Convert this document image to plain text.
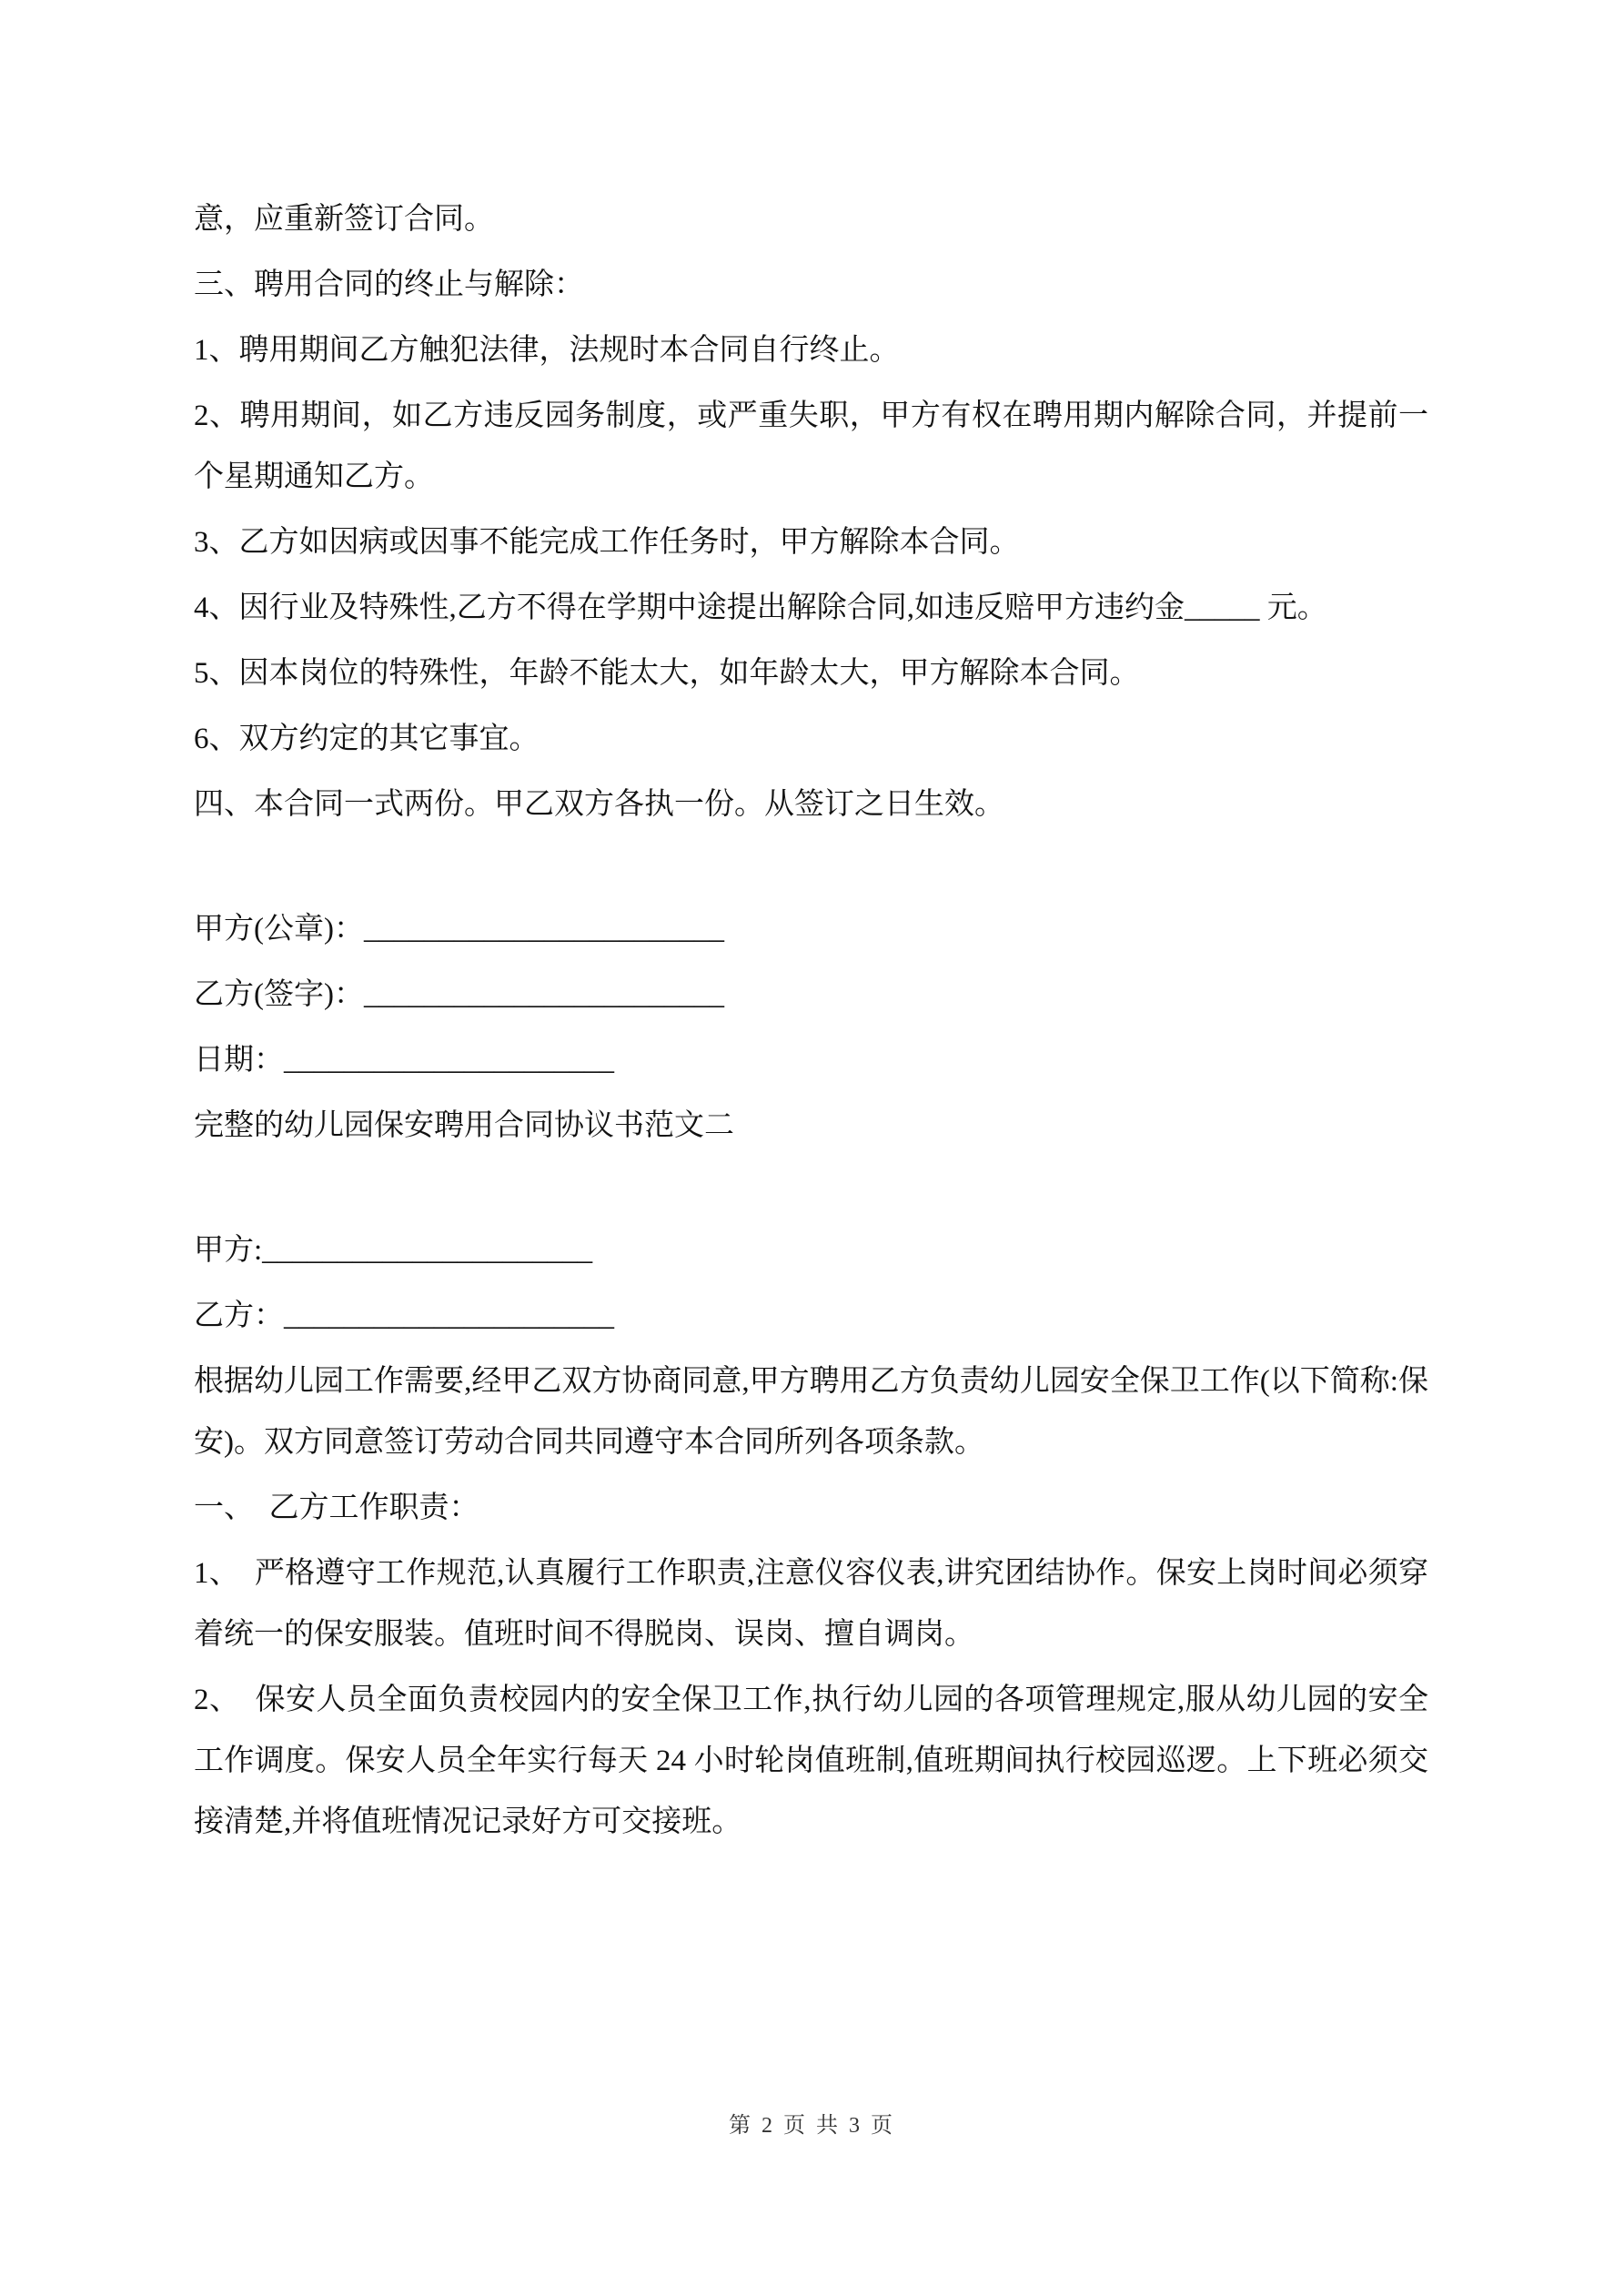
意，应重新签订合同。

三、聘用合同的终止与解除：

1、聘用期间乙方触犯法律，法规时本合同自行终止。

2、聘用期间，如乙方违反园务制度，或严重失职，甲方有权在聘用期内解除合同，并提前一个星期通知乙方。

3、乙方如因病或因事不能完成工作任务时，甲方解除本合同。

4、因行业及特殊性,乙方不得在学期中途提出解除合同,如违反赔甲方违约金_____ 元。

5、因本岗位的特殊性，年龄不能太大，如年龄太大，甲方解除本合同。

6、双方约定的其它事宜。

四、本合同一式两份。甲乙双方各执一份。从签订之日生效。

甲方(公章)：________________________

乙方(签字)：________________________

日期：______________________

完整的幼儿园保安聘用合同协议书范文二

甲方:______________________

乙方：______________________

根据幼儿园工作需要,经甲乙双方协商同意,甲方聘用乙方负责幼儿园安全保卫工作(以下简称:保安)。双方同意签订劳动合同共同遵守本合同所列各项条款。

一、　乙方工作职责：

1、　严格遵守工作规范,认真履行工作职责,注意仪容仪表,讲究团结协作。保安上岗时间必须穿着统一的保安服装。值班时间不得脱岗、误岗、擅自调岗。

2、　保安人员全面负责校园内的安全保卫工作,执行幼儿园的各项管理规定,服从幼儿园的安全工作调度。保安人员全年实行每天 24 小时轮岗值班制,值班期间执行校园巡逻。上下班必须交接清楚,并将值班情况记录好方可交接班。

第 2 页 共 3 页
